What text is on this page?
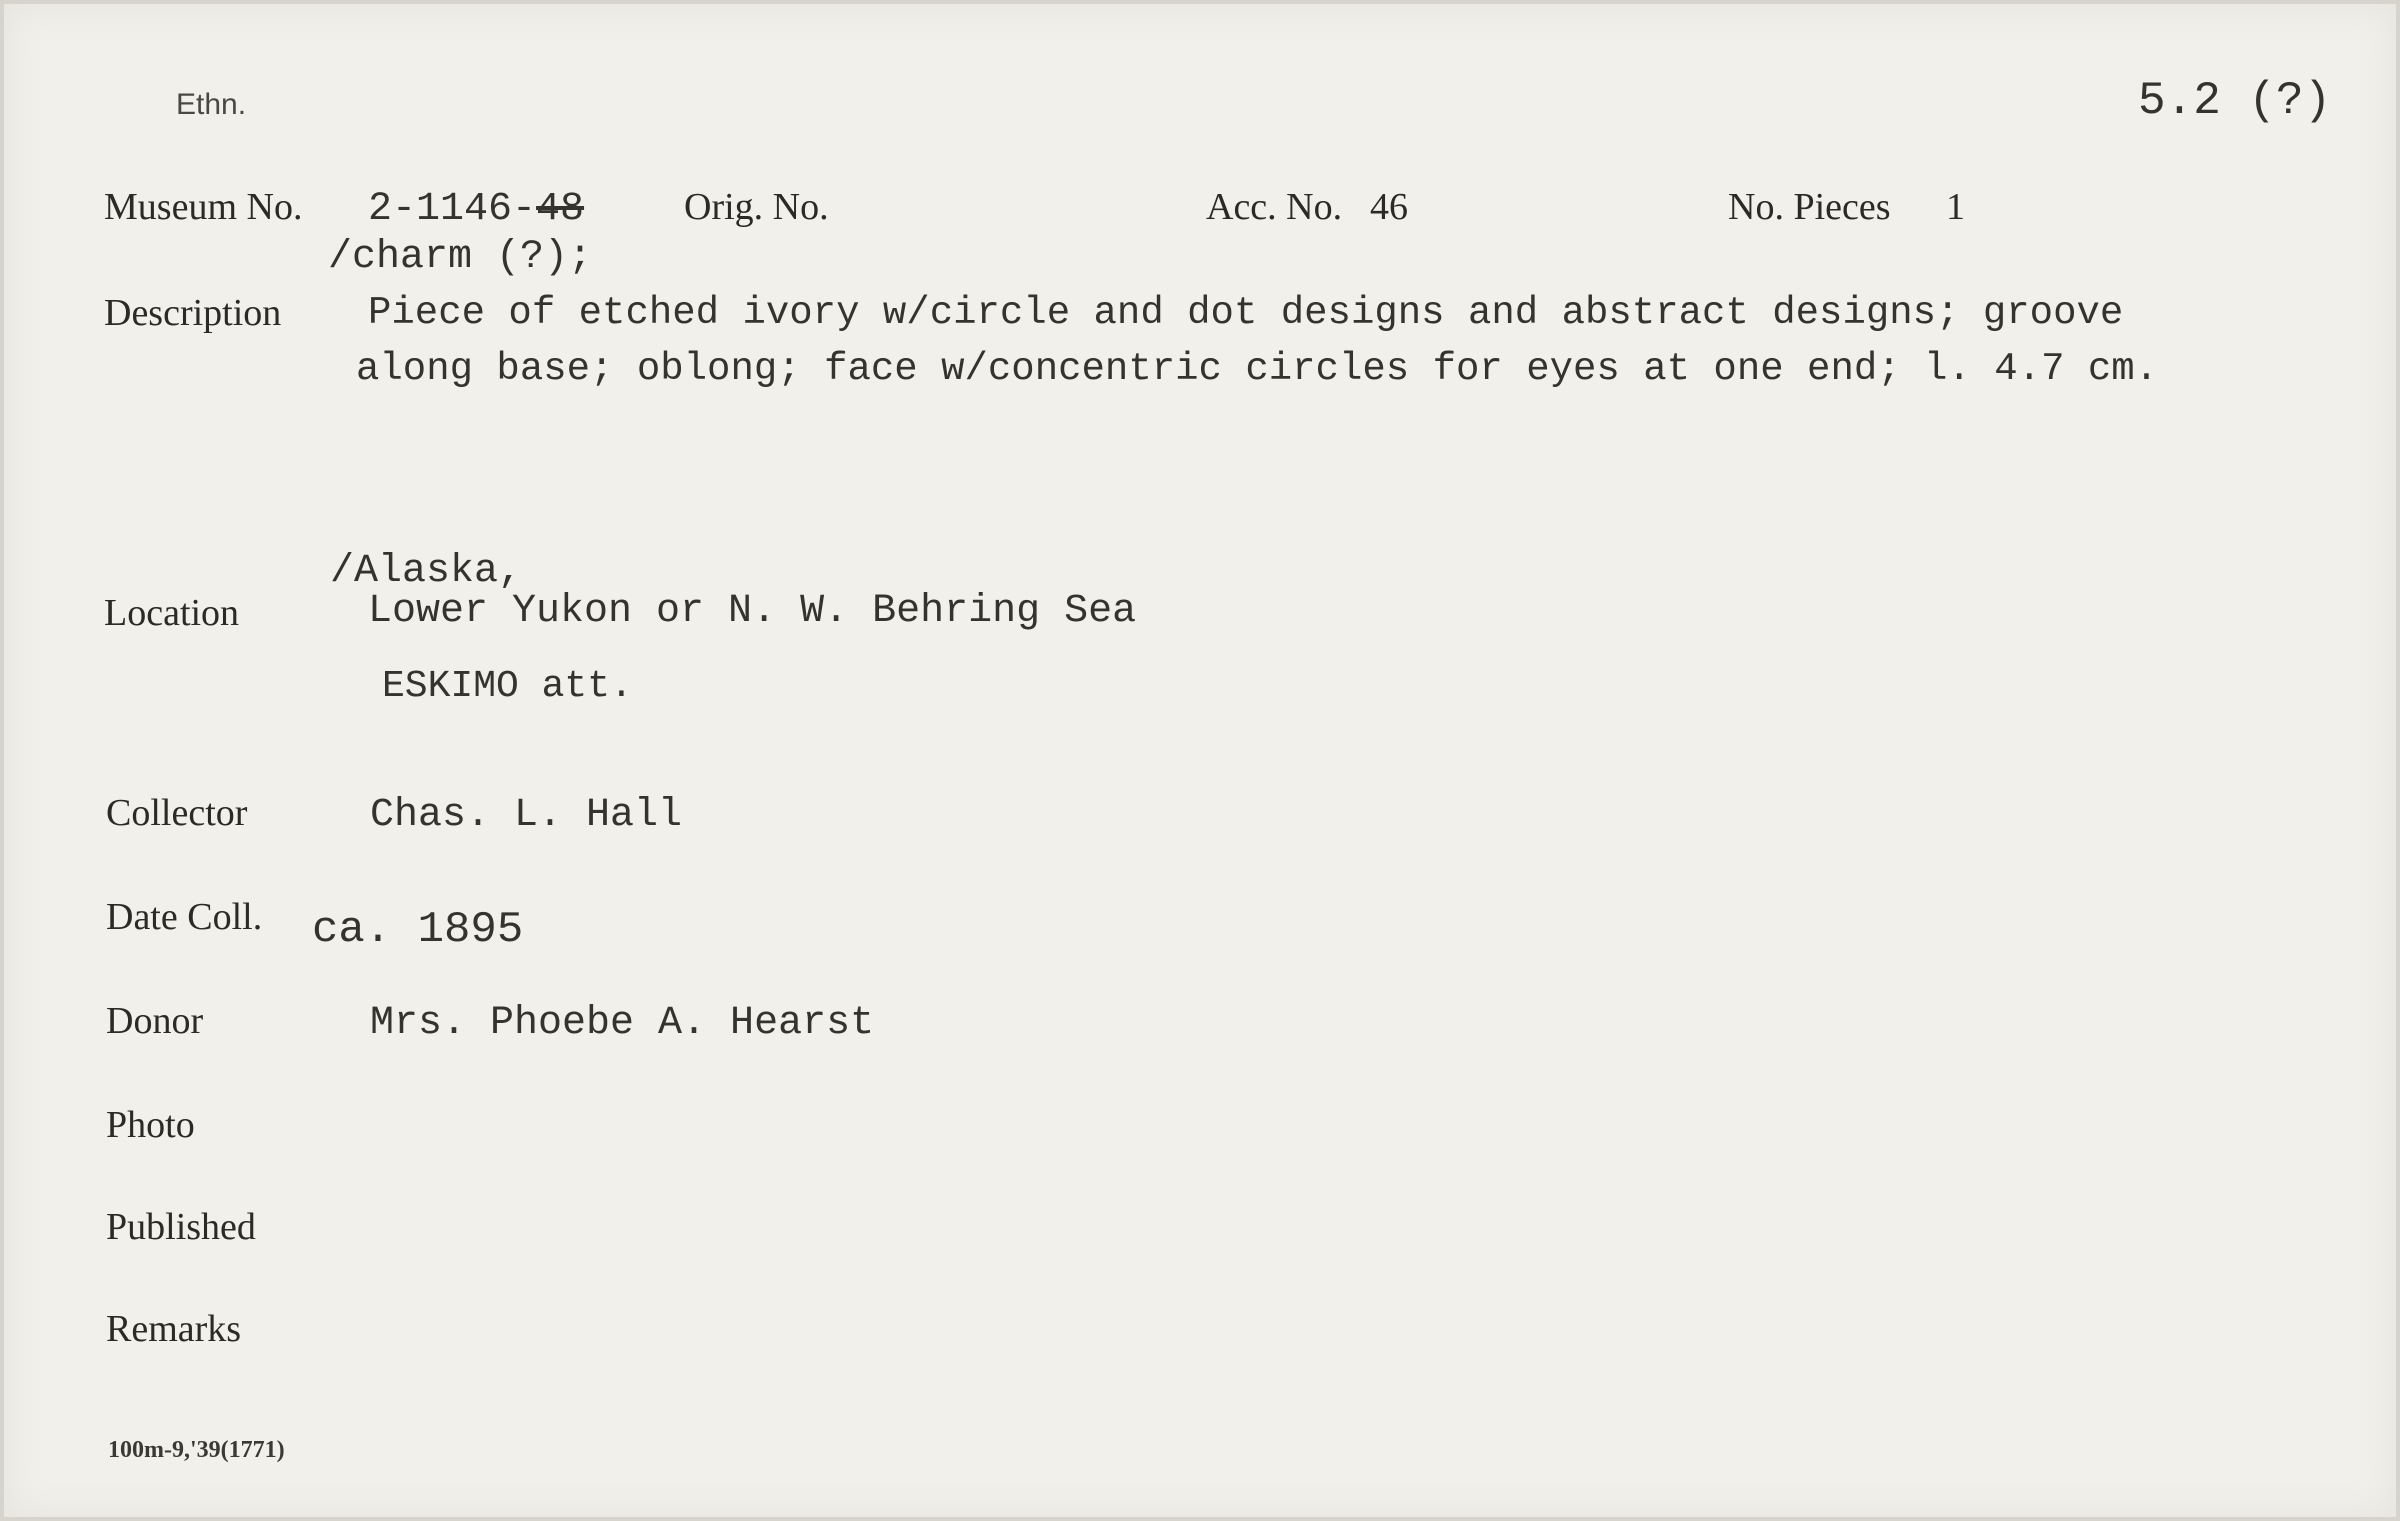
Ethn.	5.2 (?)
Museum No. 2-1146-48	Orig. No.	Acc. No. 46	No. Pieces 1
/charm (?);
Description Piece of etched ivory w/circle and dot designs and abstract designs; groove
along base; oblong; face w/concentric circles for eyes at one end; l. 4.7 cm.
/Alaska,
Location	Lower Yukon or N. W. Behring Sea
ESKIMO att.
Collector	Chas. L. Hall
Date Coll. ca. 1895
Donor	Mrs. Phoebe A. Hearst
Photo
Published
Remarks
100m-9,'39(1771)
